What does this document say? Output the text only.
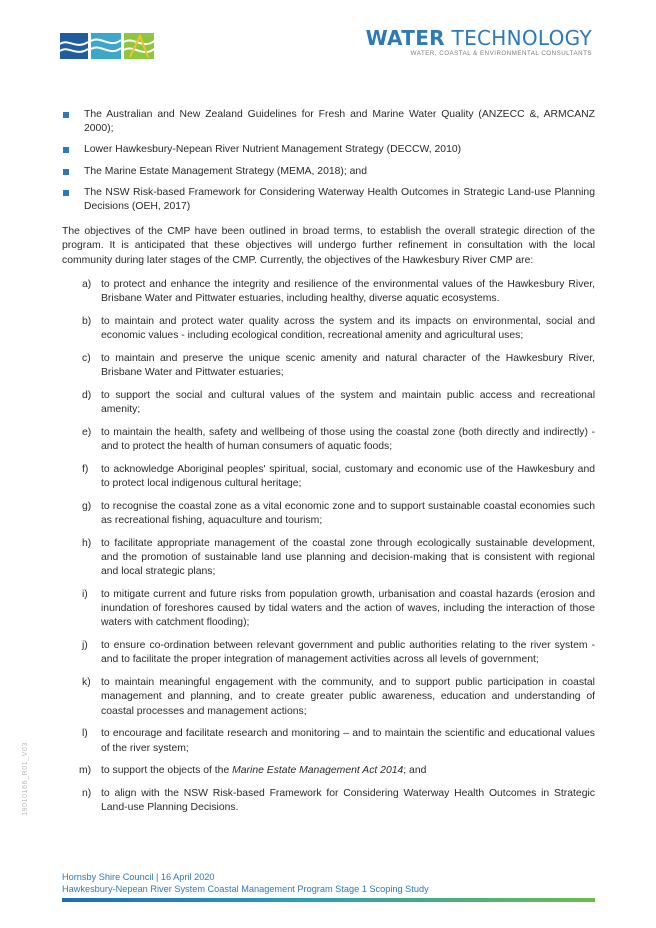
WATER TECHNOLOGY
WATER, COASTAL & ENVIRONMENTAL CONSULTANTS
The Australian and New Zealand Guidelines for Fresh and Marine Water Quality (ANZECC &, ARMCANZ 2000);
Lower Hawkesbury-Nepean River Nutrient Management Strategy (DECCW, 2010)
The Marine Estate Management Strategy (MEMA, 2018); and
The NSW Risk-based Framework for Considering Waterway Health Outcomes in Strategic Land-use Planning Decisions (OEH, 2017)

The objectives of the CMP have been outlined in broad terms, to establish the overall strategic direction of the program. It is anticipated that these objectives will undergo further refinement in consultation with the local community during later stages of the CMP. Currently, the objectives of the Hawkesbury River CMP are:

a) to protect and enhance the integrity and resilience of the environmental values of the Hawkesbury River, Brisbane Water and Pittwater estuaries, including healthy, diverse aquatic ecosystems.
b) to maintain and protect water quality across the system and its impacts on environmental, social and economic values - including ecological condition, recreational amenity and agricultural uses;
c) to maintain and preserve the unique scenic amenity and natural character of the Hawkesbury River, Brisbane Water and Pittwater estuaries;
d) to support the social and cultural values of the system and maintain public access and recreational amenity;
e) to maintain the health, safety and wellbeing of those using the coastal zone (both directly and indirectly) - and to protect the health of human consumers of aquatic foods;
f) to acknowledge Aboriginal peoples' spiritual, social, customary and economic use of the Hawkesbury and to protect local indigenous cultural heritage;
g) to recognise the coastal zone as a vital economic zone and to support sustainable coastal economies such as recreational fishing, aquaculture and tourism;
h) to facilitate appropriate management of the coastal zone through ecologically sustainable development, and the promotion of sustainable land use planning and decision-making that is consistent with regional and local strategic plans;
i) to mitigate current and future risks from population growth, urbanisation and coastal hazards (erosion and inundation of foreshores caused by tidal waters and the action of waves, including the interaction of those waters with catchment flooding);
j) to ensure co-ordination between relevant government and public authorities relating to the river system - and to facilitate the proper integration of management activities across all levels of government;
k) to maintain meaningful engagement with the community, and to support public participation in coastal management and planning, and to create greater public awareness, education and understanding of coastal processes and management actions;
l) to encourage and facilitate research and monitoring – and to maintain the scientific and educational values of the river system;
m) to support the objects of the Marine Estate Management Act 2014; and
n) to align with the NSW Risk-based Framework for Considering Waterway Health Outcomes in Strategic Land-use Planning Decisions.
19010166_R01_V03
Hornsby Shire Council | 16 April 2020
Hawkesbury-Nepean River System Coastal Management Program Stage 1 Scoping Study
